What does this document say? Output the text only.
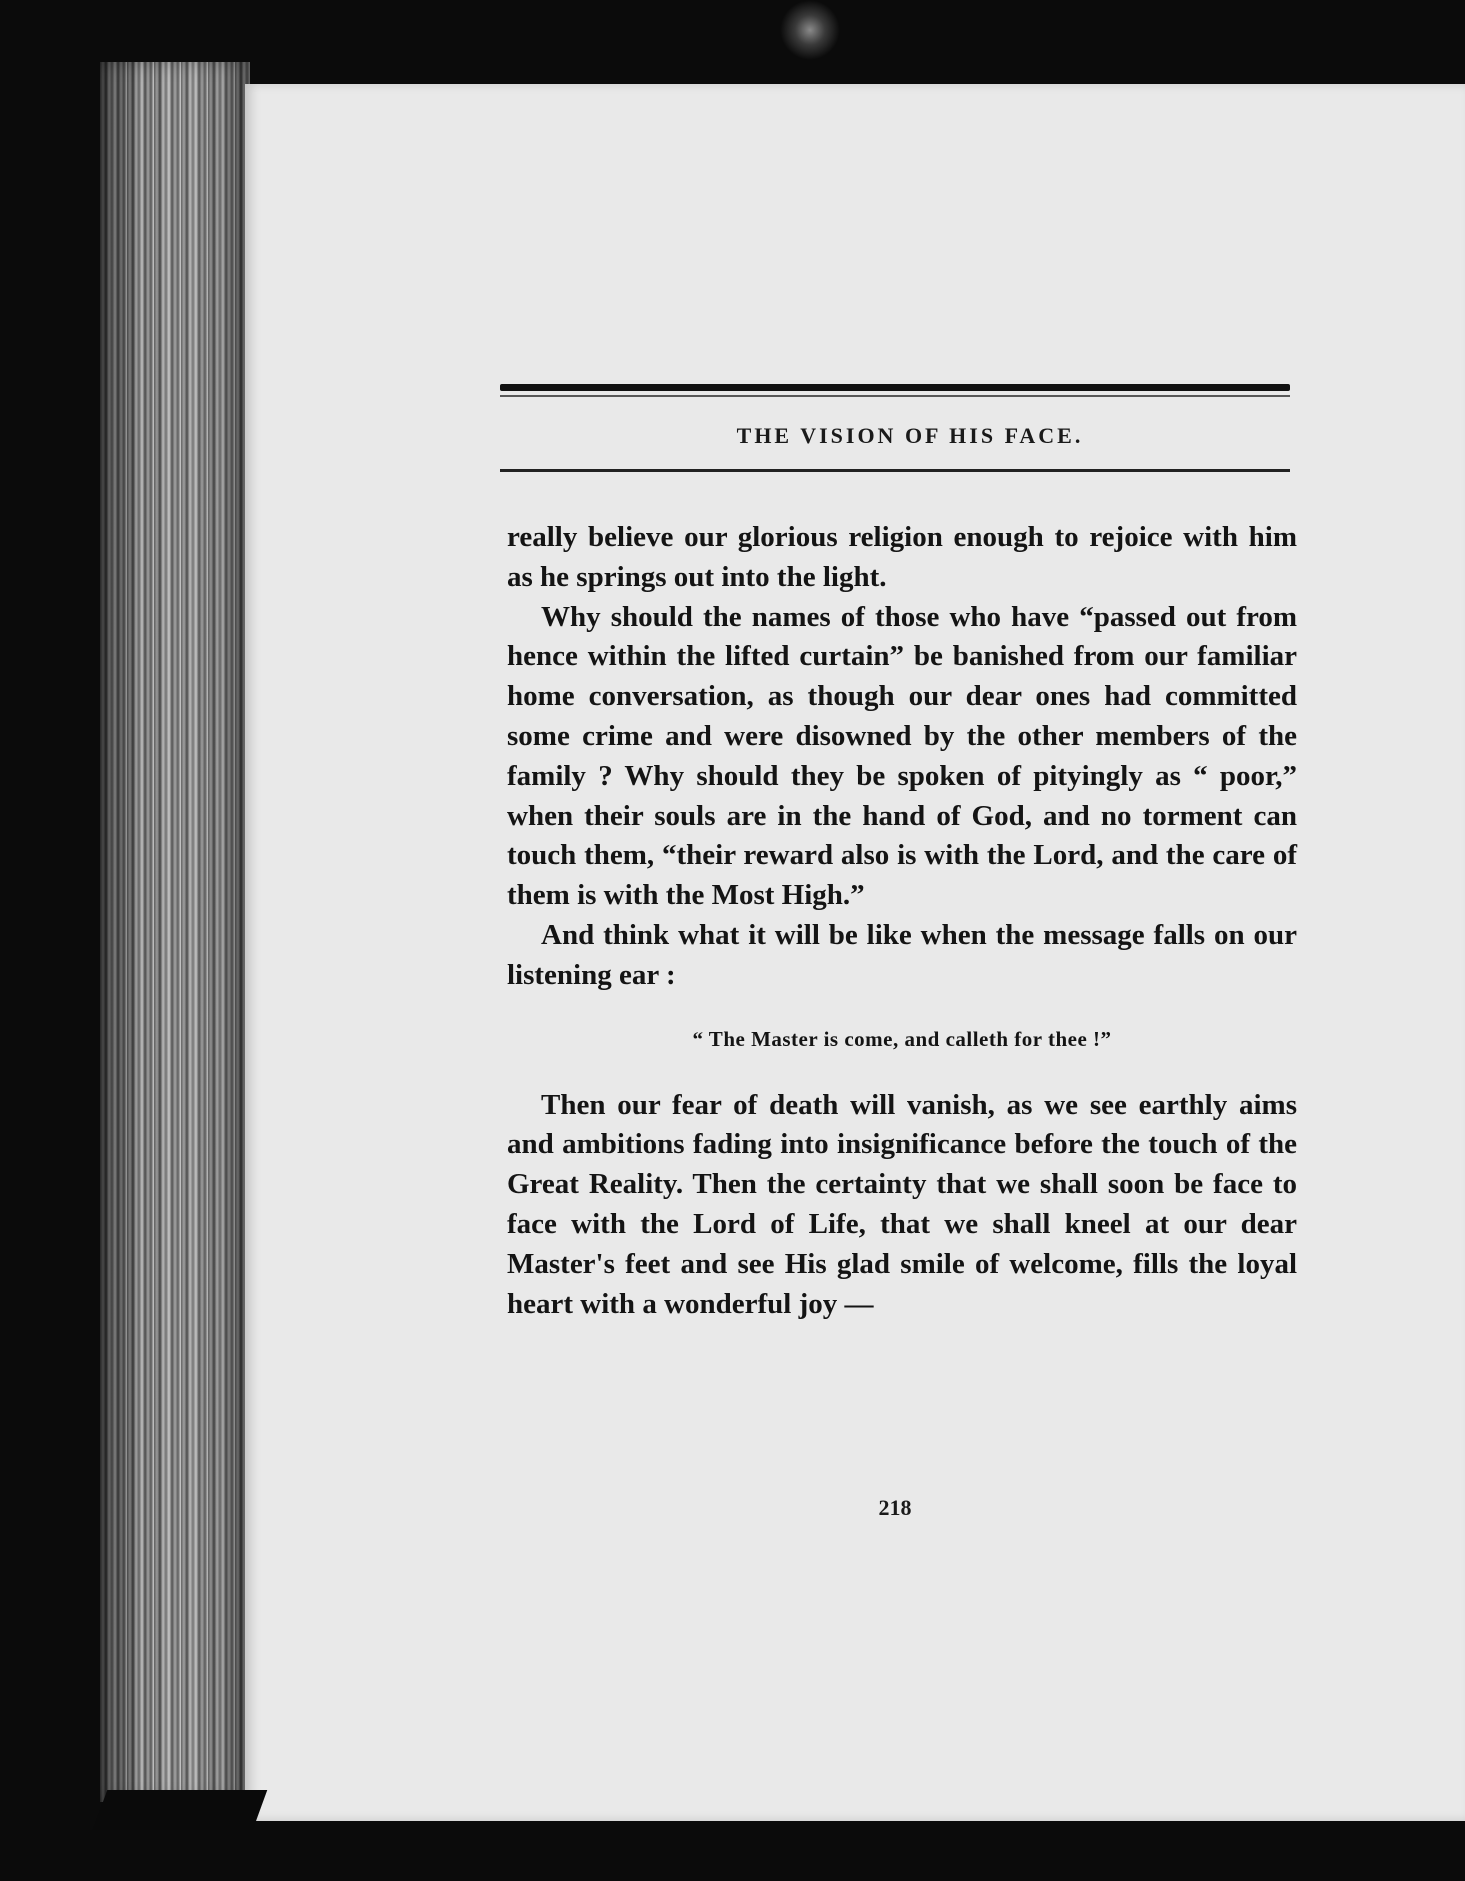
THE VISION OF HIS FACE.

really believe our glorious religion enough to rejoice with him as he springs out into the light.

Why should the names of those who have “passed out from hence within the lifted curtain” be banished from our familiar home conversation, as though our dear ones had committed some crime and were disowned by the other members of the family ? Why should they be spoken of pityingly as “ poor,” when their souls are in the hand of God, and no torment can touch them, “their reward also is with the Lord, and the care of them is with the Most High.”

And think what it will be like when the message falls on our listening ear :

“ The Master is come, and calleth for thee !”

Then our fear of death will vanish, as we see earthly aims and ambitions fading into insignificance before the touch of the Great Reality. Then the certainty that we shall soon be face to face with the Lord of Life, that we shall kneel at our dear Master's feet and see His glad smile of welcome, fills the loyal heart with a wonderful joy —

218
